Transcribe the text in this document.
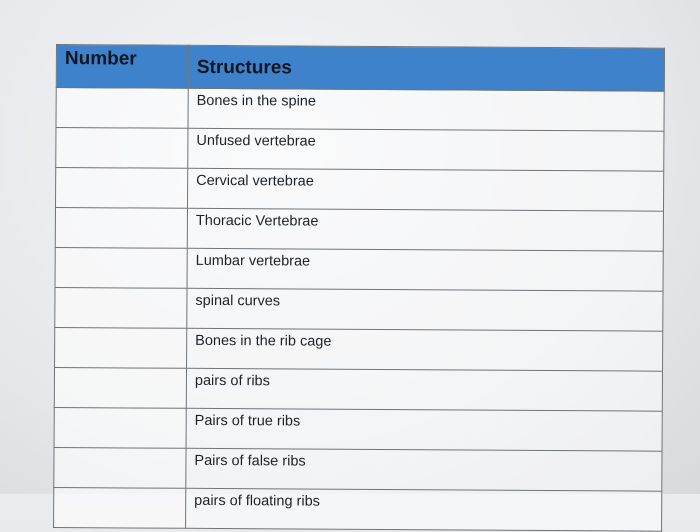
Number	Structures
	Bones in the spine
	Unfused vertebrae
	Cervical vertebrae
	Thoracic Vertebrae
	Lumbar vertebrae
	spinal curves
	Bones in the rib cage
	pairs of ribs
	Pairs of true ribs
	Pairs of false ribs
	pairs of floating ribs
